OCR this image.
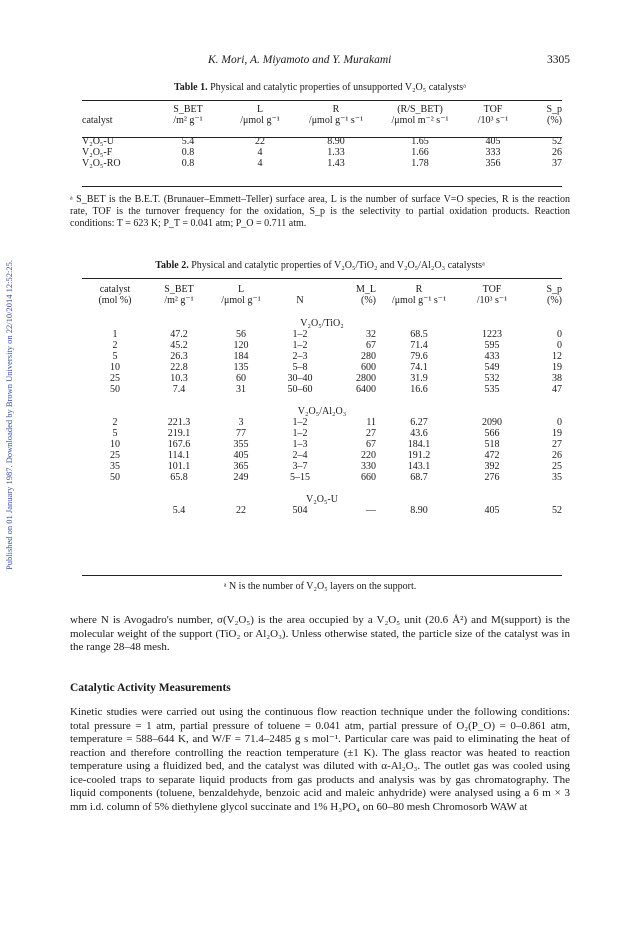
Published on 01 January 1987. Downloaded by Brown University on 22/10/2014 12:52:25.
K. Mori, A. Miyamoto and Y. Murakami	3305
Table 1. Physical and catalytic properties of unsupported V₂O₅ catalystsᵃ
	S_BET	L	R	(R/S_BET)	TOF	S_p
catalyst	/m² g⁻¹	/μmol g⁻¹	/μmol g⁻¹ s⁻¹	/μmol m⁻² s⁻¹	/10³ s⁻¹	(%)

V₂O₅-U	5.4	22	8.90	1.65	405	52
V₂O₅-F	0.8	4	1.33	1.66	333	26
V₂O₅-RO	0.8	4	1.43	1.78	356	37
ᵃ S_BET is the B.E.T. (Brunauer–Emmett–Teller) surface area, L is the number of surface V=O species, R is the reaction rate, TOF is the turnover frequency for the oxidation, S_p is the selectivity to partial oxidation products. Reaction conditions: T = 623 K; P_T = 0.041 atm; P_O = 0.711 atm.
Table 2. Physical and catalytic properties of V₂O₅/TiO₂ and V₂O₅/Al₂O₃ catalystsᵃ
catalyst	S_BET	L		M_L	R	TOF	S_p
(mol %)	/m² g⁻¹	/μmol g⁻¹	N	(%)	/μmol g⁻¹ s⁻¹	/10³ s⁻¹	(%)

V₂O₅/TiO₂							
1	47.2	56	1–2	32	68.5	1223	0
2	45.2	120	1–2	67	71.4	595	0
5	26.3	184	2–3	280	79.6	433	12
10	22.8	135	5–8	600	74.1	549	19
25	10.3	60	30–40	2800	31.9	532	38
50	7.4	31	50–60	6400	16.6	535	47

V₂O₅/Al₂O₃							
2	221.3	3	1–2	11	6.27	2090	0
5	219.1	77	1–2	27	43.6	566	19
10	167.6	355	1–3	67	184.1	518	27
25	114.1	405	2–4	220	191.2	472	26
35	101.1	365	3–7	330	143.1	392	25
50	65.8	249	5–15	660	68.7	276	35

V₂O₅-U							
	5.4	22	504	—	8.90	405	52
ᵃ N is the number of V₂O₅ layers on the support.
where N is Avogadro's number, σ(V₂O₅) is the area occupied by a V₂O₅ unit (20.6 Å²) and M(support) is the molecular weight of the support (TiO₂ or Al₂O₃). Unless otherwise stated, the particle size of the catalyst was in the range 28–48 mesh.
Catalytic Activity Measurements
Kinetic studies were carried out using the continuous flow reaction technique under the following conditions: total pressure = 1 atm, partial pressure of toluene = 0.041 atm, partial pressure of O₂(P_O) = 0–0.861 atm, temperature = 588–644 K, and W/F = 71.4–2485 g s mol⁻¹. Particular care was paid to eliminating the heat of reaction and therefore controlling the reaction temperature (±1 K). The glass reactor was heated to reaction temperature using a fluidized bed, and the catalyst was diluted with α-Al₂O₃. The outlet gas was cooled using ice-cooled traps to separate liquid products from gas products and analysis was by gas chromatography. The liquid components (toluene, benzaldehyde, benzoic acid and maleic anhydride) were analysed using a 6 m × 3 mm i.d. column of 5% diethylene glycol succinate and 1% H₃PO₄ on 60–80 mesh Chromosorb WAW at
